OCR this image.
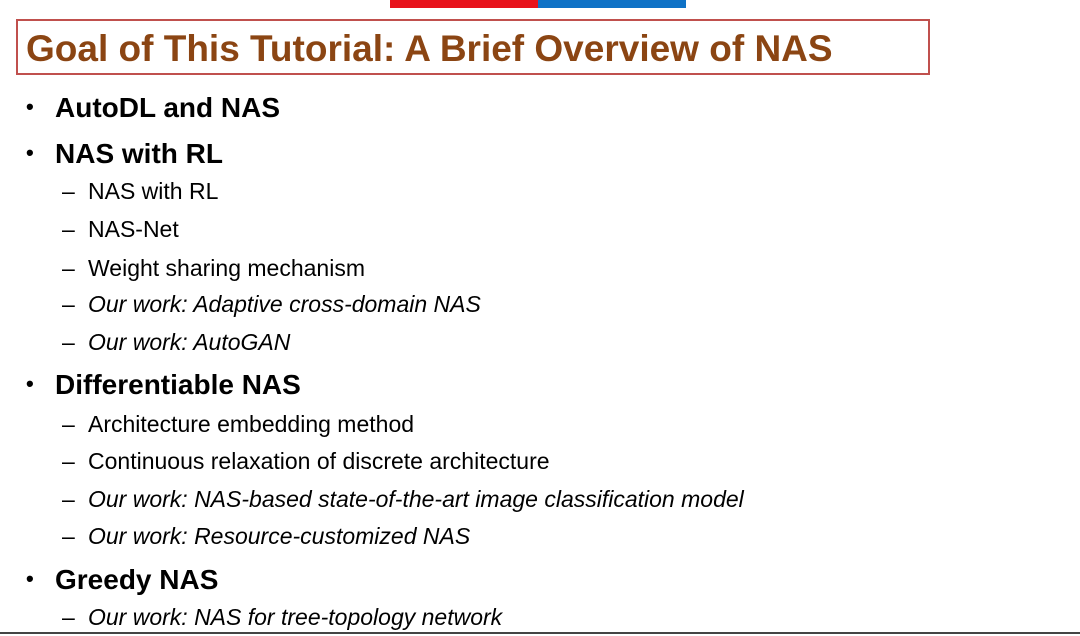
Goal of This Tutorial: A Brief Overview of NAS
• AutoDL and NAS
• NAS with RL
– NAS with RL
– NAS-Net
– Weight sharing mechanism
– Our work: Adaptive cross-domain NAS
– Our work: AutoGAN
• Differentiable NAS
– Architecture embedding method
– Continuous relaxation of discrete architecture
– Our work: NAS-based state-of-the-art image classification model
– Our work: Resource-customized NAS
• Greedy NAS
– Our work: NAS for tree-topology network
